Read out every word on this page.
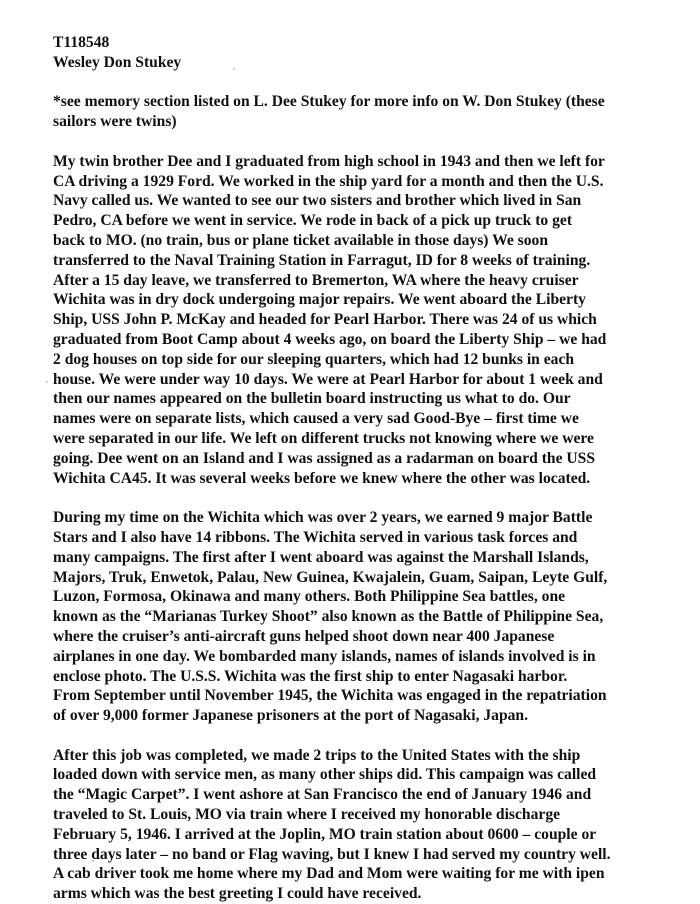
T118548
Wesley Don Stukey
*see memory section listed on L. Dee Stukey for more info on W. Don Stukey (these
sailors were twins)
My twin brother Dee and I graduated from high school in 1943 and then we left for
CA driving a 1929 Ford. We worked in the ship yard for a month and then the U.S.
Navy called us. We wanted to see our two sisters and brother which lived in San
Pedro, CA before we went in service. We rode in back of a pick up truck to get
back to MO. (no train, bus or plane ticket available in those days) We soon
transferred to the Naval Training Station in Farragut, ID for 8 weeks of training.
After a 15 day leave, we transferred to Bremerton, WA where the heavy cruiser
Wichita was in dry dock undergoing major repairs. We went aboard the Liberty
Ship, USS John P. McKay and headed for Pearl Harbor. There was 24 of us which
graduated from Boot Camp about 4 weeks ago, on board the Liberty Ship – we had
2 dog houses on top side for our sleeping quarters, which had 12 bunks in each
house. We were under way 10 days. We were at Pearl Harbor for about 1 week and
then our names appeared on the bulletin board instructing us what to do. Our
names were on separate lists, which caused a very sad Good-Bye – first time we
were separated in our life. We left on different trucks not knowing where we were
going. Dee went on an Island and I was assigned as a radarman on board the USS
Wichita CA45. It was several weeks before we knew where the other was located.
During my time on the Wichita which was over 2 years, we earned 9 major Battle
Stars and I also have 14 ribbons. The Wichita served in various task forces and
many campaigns. The first after I went aboard was against the Marshall Islands,
Majors, Truk, Enwetok, Palau, New Guinea, Kwajalein, Guam, Saipan, Leyte Gulf,
Luzon, Formosa, Okinawa and many others. Both Philippine Sea battles, one
known as the “Marianas Turkey Shoot” also known as the Battle of Philippine Sea,
where the cruiser’s anti-aircraft guns helped shoot down near 400 Japanese
airplanes in one day. We bombarded many islands, names of islands involved is in
enclose photo. The U.S.S. Wichita was the first ship to enter Nagasaki harbor.
From September until November 1945, the Wichita was engaged in the repatriation
of over 9,000 former Japanese prisoners at the port of Nagasaki, Japan.
After this job was completed, we made 2 trips to the United States with the ship
loaded down with service men, as many other ships did. This campaign was called
the “Magic Carpet”. I went ashore at San Francisco the end of January 1946 and
traveled to St. Louis, MO via train where I received my honorable discharge
February 5, 1946. I arrived at the Joplin, MO train station about 0600 – couple or
three days later – no band or Flag waving, but I knew I had served my country well.
A cab driver took me home where my Dad and Mom were waiting for me with ipen
arms which was the best greeting I could have received.
